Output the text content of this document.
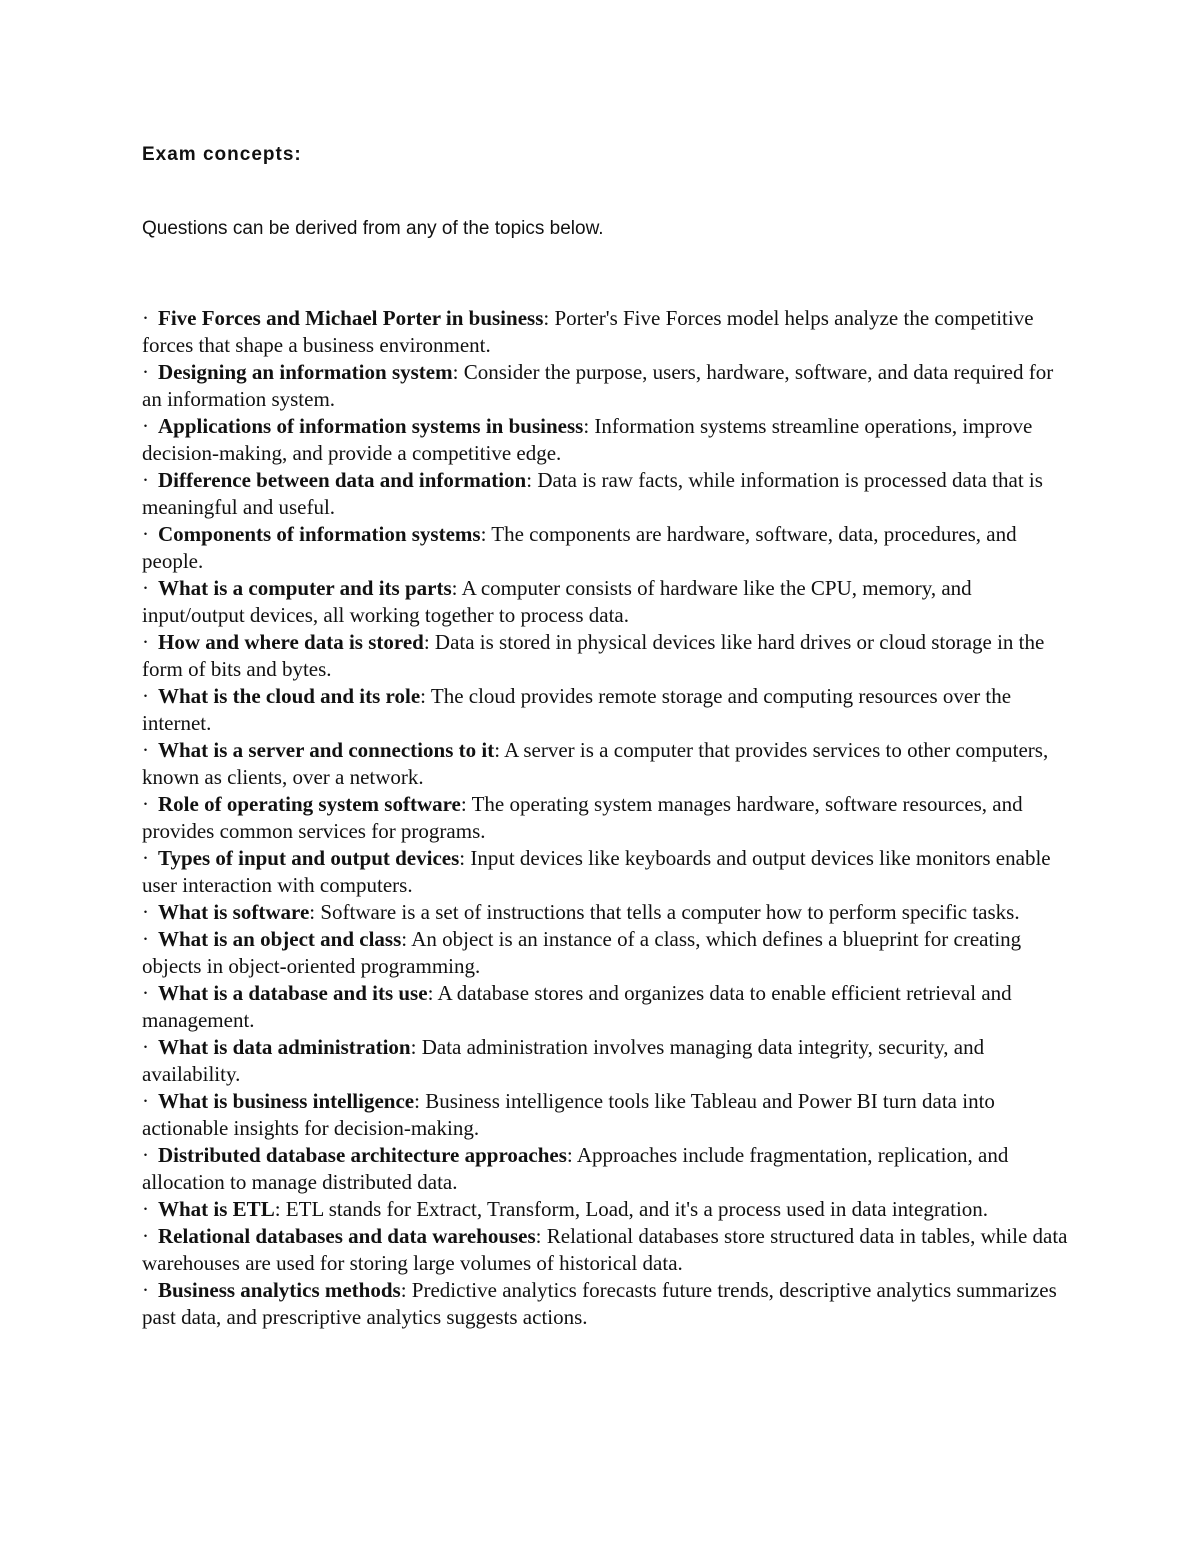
Exam concepts:

Questions can be derived from any of the topics below.

· Five Forces and Michael Porter in business: Porter's Five Forces model helps analyze the competitive forces that shape a business environment.
· Designing an information system: Consider the purpose, users, hardware, software, and data required for an information system.
· Applications of information systems in business: Information systems streamline operations, improve decision-making, and provide a competitive edge.
· Difference between data and information: Data is raw facts, while information is processed data that is meaningful and useful.
· Components of information systems: The components are hardware, software, data, procedures, and people.
· What is a computer and its parts: A computer consists of hardware like the CPU, memory, and input/output devices, all working together to process data.
· How and where data is stored: Data is stored in physical devices like hard drives or cloud storage in the form of bits and bytes.
· What is the cloud and its role: The cloud provides remote storage and computing resources over the internet.
· What is a server and connections to it: A server is a computer that provides services to other computers, known as clients, over a network.
· Role of operating system software: The operating system manages hardware, software resources, and provides common services for programs.
· Types of input and output devices: Input devices like keyboards and output devices like monitors enable user interaction with computers.
· What is software: Software is a set of instructions that tells a computer how to perform specific tasks.
· What is an object and class: An object is an instance of a class, which defines a blueprint for creating objects in object-oriented programming.
· What is a database and its use: A database stores and organizes data to enable efficient retrieval and management.
· What is data administration: Data administration involves managing data integrity, security, and availability.
· What is business intelligence: Business intelligence tools like Tableau and Power BI turn data into actionable insights for decision-making.
· Distributed database architecture approaches: Approaches include fragmentation, replication, and allocation to manage distributed data.
· What is ETL: ETL stands for Extract, Transform, Load, and it's a process used in data integration.
· Relational databases and data warehouses: Relational databases store structured data in tables, while data warehouses are used for storing large volumes of historical data.
· Business analytics methods: Predictive analytics forecasts future trends, descriptive analytics summarizes past data, and prescriptive analytics suggests actions.
